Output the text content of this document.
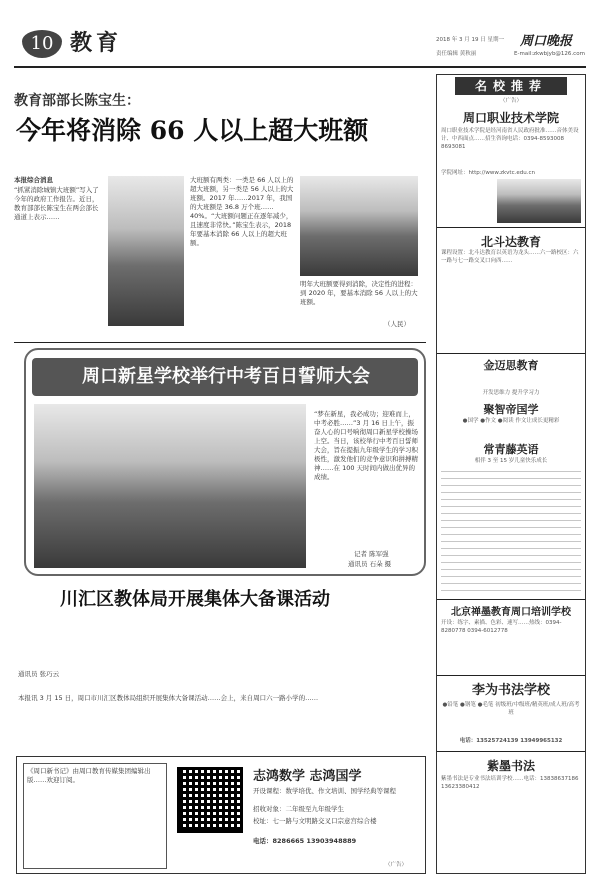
10 教育	2018 年 3 月 19 日 星期一 周口晚报
责任编辑 黄秋丽	E-mail:zkwbjyb@126.com
教育部部长陈宝生：
今年将消除 66 人以上超大班额
本报综合消息
“抓紧消除城镇大班额”写入了今年的政府工作报告。近日，教育部部长陈宝生在两会部长通道上表示……
大班额有两类：一类是 66 人以上的超大班额，另一类是 56 人以上的大班额。2017 年……2017 年，我国的大班额是 36.8 万个班……40%。“大班额问题正在逐年减少，且速度非常快。”陈宝生表示，2018 年要基本消除 66 人以上的超大班额。
明年大班额要得到消除，决定性的进程：到 2020 年，要基本消除 56 人以上的大班额。
（人民）
周口新星学校举行中考百日誓师大会
“梦在新星，我必成功；迎难而上，中考必胜……”3 月 16 日上午，振奋人心的口号响彻周口新星学校操场上空。当日，该校举行中考百日誓师大会，旨在提振九年级学生的学习积极性，激发他们的竞争意识和拼搏精神……在 100 天时间内做出优异的成绩。
记者 陈军强
通讯员 石朵 摄
川汇区教体局开展集体大备课活动
通讯员 张巧云
本报讯 3 月 15 日，周口市川汇区教体局组织开展集体大备课活动……会上，来自周口六一路小学的……
《周口新书记》由周口教育传媒集团编辑出版……欢迎订阅。	志鸿数学 志鸿国学
开设课程：数学培优、作文培训、国学经典等课程
招收对象：二年级至九年级学生
校址：七一路与文明路交叉口宗意宫综合楼
电话：8286665 13903948889
（广告）
名校推荐
（广告）
周口职业技术学院
周口职业技术学院是经河南省人民政府批准……音体美设计、中西面点……招生咨询电话：0394-8593008 8693081
学院网址：http://www.zkvtc.edu.cn
北斗达教育
课程设置：北斗达教育以英语为龙头……六一路校区：六一路与七一路交叉口向西……
金迈思教育
开发思维力 提升学习力
聚智帝国学
●国学 ●作文 ●阅读 作文让成长更精彩
常青藤英语
相伴 3 至 15 岁儿童快乐成长
北京禅墨教育周口培训学校
开设：练字、素描、色彩、速写……热线：0394-8280778 0394-6012778
李为书法学校
●铅笔 ●钢笔 ●毛笔 初级班/中级班/精英班/成人班/高考班
电话：13525724139 13949965132
紫墨书法
紫墨书法是专业书法培训学校……电话：13838637186 13623380412
